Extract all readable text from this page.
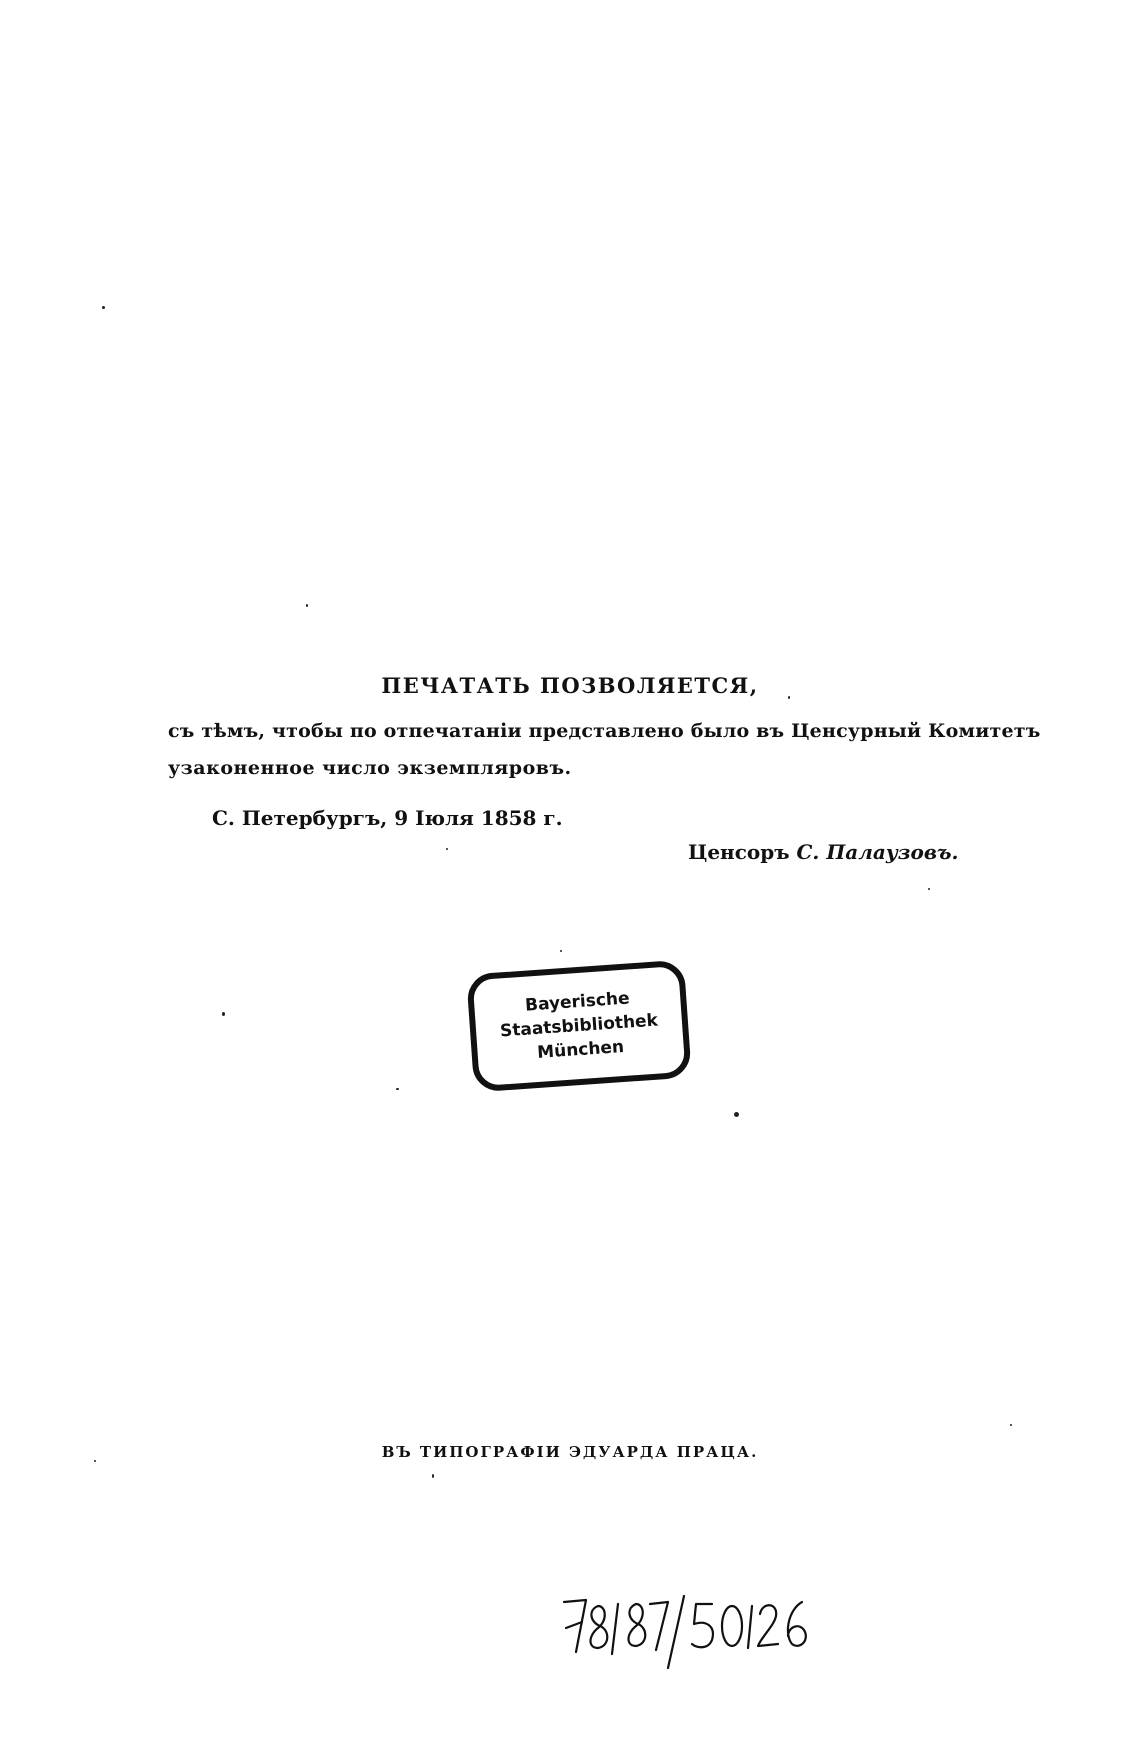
ПЕЧАТАТЬ ПОЗВОЛЯЕТСЯ,
съ тѣмъ, чтобы по отпечатаніи представлено было въ Ценсурный Комитетъ
узаконенное число экземпляровъ.
С. Петербургъ, 9 Іюля 1858 г.
Ценсоръ С. Палаузовъ.
Bayerische
Staatsbibliothek
München
ВЪ ТИПОГРАФІИ ЭДУАРДА ПРАЦА.
